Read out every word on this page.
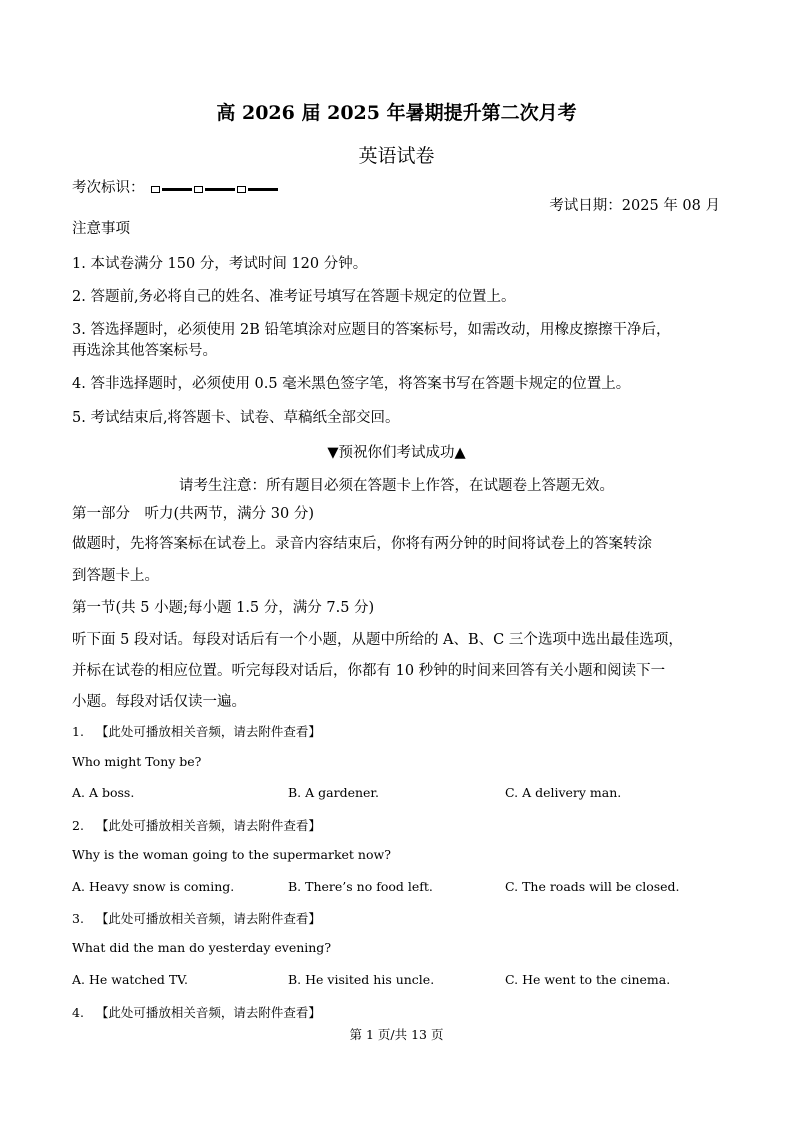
高 2026 届 2025 年暑期提升第二次月考
英语试卷
考次标识：
考试日期：2025 年 08 月
注意事项
1. 本试卷满分 150 分，考试时间 120 分钟。
2. 答题前,务必将自己的姓名、准考证号填写在答题卡规定的位置上。
3. 答选择题时，必须使用 2B 铅笔填涂对应题目的答案标号，如需改动，用橡皮擦擦干净后，
再选涂其他答案标号。
4. 答非选择题时，必须使用 0.5 毫米黑色签字笔，将答案书写在答题卡规定的位置上。
5. 考试结束后,将答题卡、试卷、草稿纸全部交回。
▼预祝你们考试成功▲
请考生注意：所有题目必须在答题卡上作答，在试题卷上答题无效。
第一部分　听力(共两节，满分 30 分)
做题时，先将答案标在试卷上。录音内容结束后，你将有两分钟的时间将试卷上的答案转涂
到答题卡上。
第一节(共 5 小题;每小题 1.5 分，满分 7.5 分)
听下面 5 段对话。每段对话后有一个小题，从题中所给的 A、B、C 三个选项中选出最佳选项，
并标在试卷的相应位置。听完每段对话后，你都有 10 秒钟的时间来回答有关小题和阅读下一
小题。每段对话仅读一遍。
1. 【此处可播放相关音频，请去附件查看】
Who might Tony be?
A. A boss.	B. A gardener.	C. A delivery man.
2. 【此处可播放相关音频，请去附件查看】
Why is the woman going to the supermarket now?
A. Heavy snow is coming.	B. There’s no food left.	C. The roads will be closed.
3. 【此处可播放相关音频，请去附件查看】
What did the man do yesterday evening?
A. He watched TV.	B. He visited his uncle.	C. He went to the cinema.
4. 【此处可播放相关音频，请去附件查看】
第 1 页/共 13 页
